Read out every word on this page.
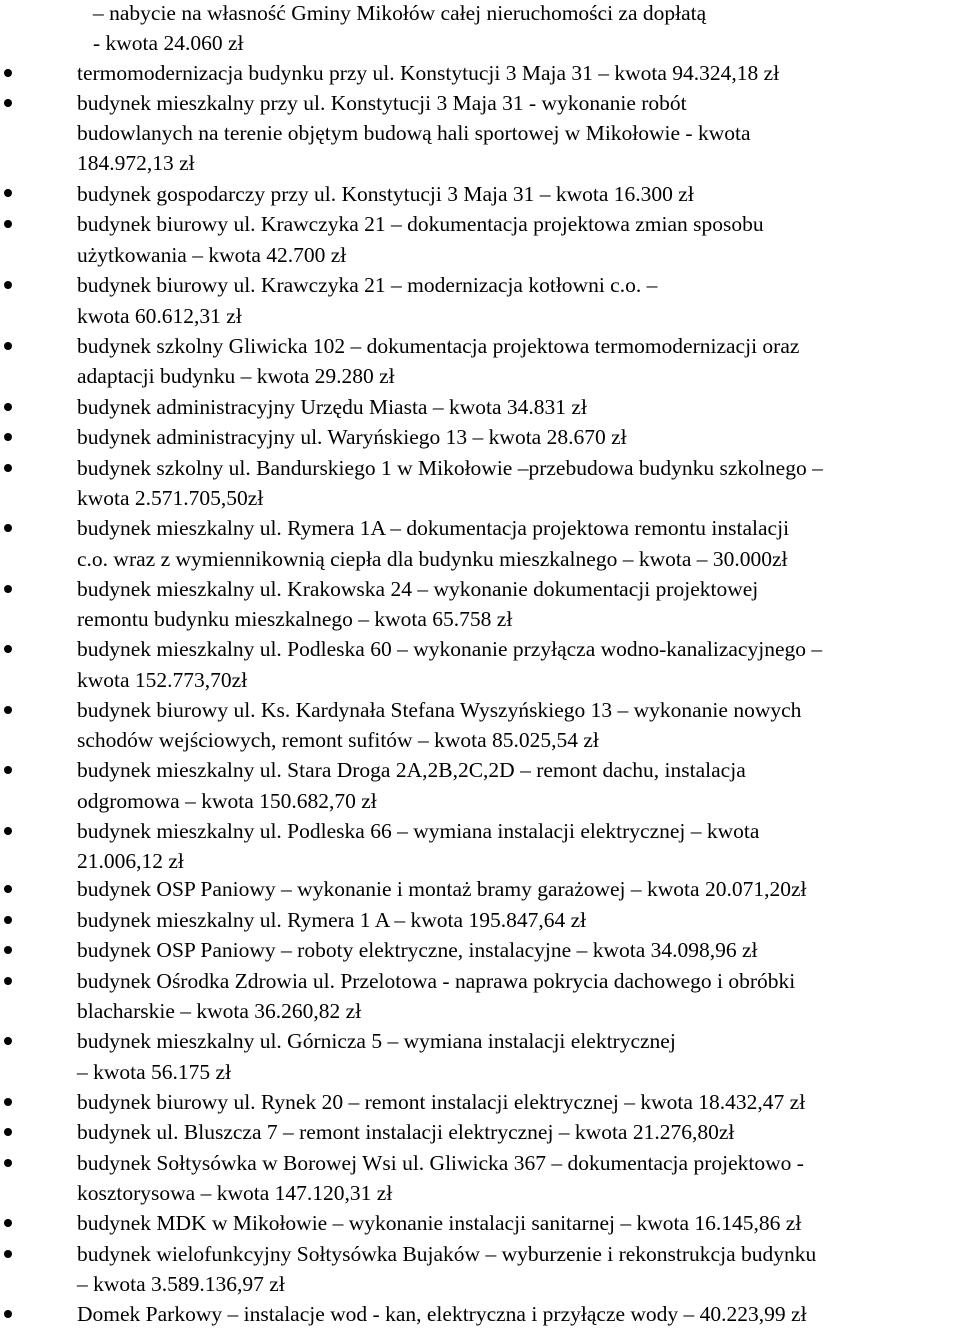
– nabycie na własność Gminy Mikołów całej nieruchomości za dopłatą

- kwota 24.060 zł

termomodernizacja budynku przy ul. Konstytucji 3 Maja 31 – kwota 94.324,18 zł

budynek mieszkalny przy ul. Konstytucji 3 Maja 31 - wykonanie robót

budowlanych na terenie objętym budową hali sportowej w Mikołowie - kwota

184.972,13 zł

budynek gospodarczy przy ul. Konstytucji 3 Maja 31 – kwota 16.300 zł

budynek biurowy ul. Krawczyka 21 – dokumentacja projektowa zmian sposobu

użytkowania – kwota 42.700 zł

budynek biurowy ul. Krawczyka 21 – modernizacja kotłowni c.o. –

kwota 60.612,31 zł

budynek szkolny Gliwicka 102 – dokumentacja projektowa termomodernizacji oraz

adaptacji budynku – kwota 29.280 zł

budynek administracyjny Urzędu Miasta – kwota 34.831 zł

budynek administracyjny ul. Waryńskiego 13 – kwota 28.670 zł

budynek szkolny ul. Bandurskiego 1 w Mikołowie –przebudowa budynku szkolnego –

kwota 2.571.705,50zł

budynek mieszkalny ul. Rymera 1A – dokumentacja projektowa remontu instalacji

c.o. wraz z wymiennikownią ciepła dla budynku mieszkalnego – kwota – 30.000zł

budynek mieszkalny ul. Krakowska 24 – wykonanie dokumentacji projektowej

remontu budynku mieszkalnego – kwota 65.758 zł

budynek mieszkalny ul. Podleska 60 – wykonanie przyłącza wodno-kanalizacyjnego –

kwota 152.773,70zł

budynek biurowy ul. Ks. Kardynała Stefana Wyszyńskiego 13 – wykonanie nowych

schodów wejściowych, remont sufitów – kwota 85.025,54 zł

budynek mieszkalny ul. Stara Droga 2A,2B,2C,2D – remont dachu, instalacja

odgromowa – kwota 150.682,70 zł

budynek mieszkalny ul. Podleska 66 – wymiana instalacji elektrycznej – kwota

21.006,12 zł

budynek OSP Paniowy – wykonanie i montaż bramy garażowej – kwota 20.071,20zł

budynek mieszkalny ul. Rymera 1 A – kwota 195.847,64 zł

budynek OSP Paniowy – roboty elektryczne, instalacyjne – kwota 34.098,96 zł

budynek Ośrodka Zdrowia ul. Przelotowa - naprawa pokrycia dachowego i obróbki

blacharskie – kwota 36.260,82 zł

budynek mieszkalny ul. Górnicza 5 – wymiana instalacji elektrycznej

– kwota 56.175 zł

budynek biurowy ul. Rynek 20 – remont instalacji elektrycznej – kwota 18.432,47 zł

budynek ul. Bluszcza 7 – remont instalacji elektrycznej – kwota 21.276,80zł

budynek Sołtysówka w Borowej Wsi ul. Gliwicka 367 – dokumentacja projektowo -

kosztorysowa – kwota 147.120,31 zł

budynek MDK w Mikołowie – wykonanie instalacji sanitarnej – kwota 16.145,86 zł

budynek wielofunkcyjny Sołtysówka Bujaków – wyburzenie i rekonstrukcja budynku

– kwota 3.589.136,97 zł

Domek Parkowy – instalacje wod - kan, elektryczna i przyłącze wody – 40.223,99 zł
